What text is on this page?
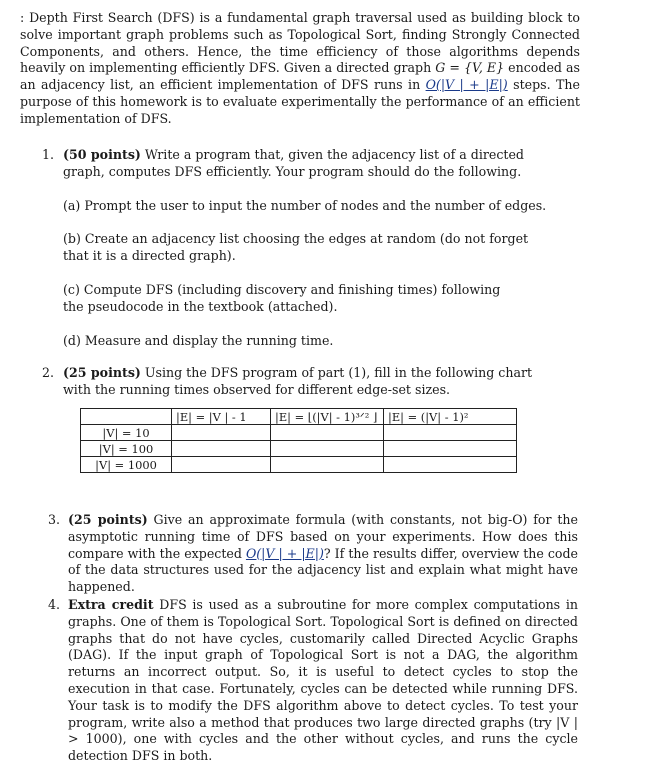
: Depth First Search (DFS) is a fundamental graph traversal used as building block to solve important graph problems such as Topological Sort, finding Strongly Connected Components, and others. Hence, the time efficiency of those algorithms depends heavily on implementing efficiently DFS. Given a directed graph G = {V, E} encoded as an adjacency list, an efficient implementation of DFS runs in O(|V | + |E|) steps. The purpose of this homework is to evaluate experimentally the performance of an efficient implementation of DFS.

1. (50 points) Write a program that, given the adjacency list of a directed graph, computes DFS efficiently. Your program should do the following.

(a) Prompt the user to input the number of nodes and the number of edges.

(b) Create an adjacency list choosing the edges at random (do not forget that it is a directed graph).

(c) Compute DFS (including discovery and finishing times) following the pseudocode in the textbook (attached).

(d) Measure and display the running time.

2. (25 points) Using the DFS program of part (1), fill in the following chart with the running times observed for different edge-set sizes.

	|E| = |V | - 1	|E| = ⌊(|V| - 1)³ᐟ² ⌋	|E| = (|V| - 1)²
|V| = 10			
|V| = 100			
|V| = 1000			
3. (25 points) Give an approximate formula (with constants, not big-O) for the asymptotic running time of DFS based on your experiments. How does this compare with the expected O(|V | + |E|)? If the results differ, overview the code of the data structures used for the adjacency list and explain what might have happened.

4. Extra credit DFS is used as a subroutine for more complex computations in graphs. One of them is Topological Sort. Topological Sort is defined on directed graphs that do not have cycles, customarily called Directed Acyclic Graphs (DAG). If the input graph of Topological Sort is not a DAG, the algorithm returns an incorrect output. So, it is useful to detect cycles to stop the execution in that case. Fortunately, cycles can be detected while running DFS. Your task is to modify the DFS algorithm above to detect cycles. To test your program, write also a method that produces two large directed graphs (try |V | > 1000), one with cycles and the other without cycles, and runs the cycle detection DFS in both.
